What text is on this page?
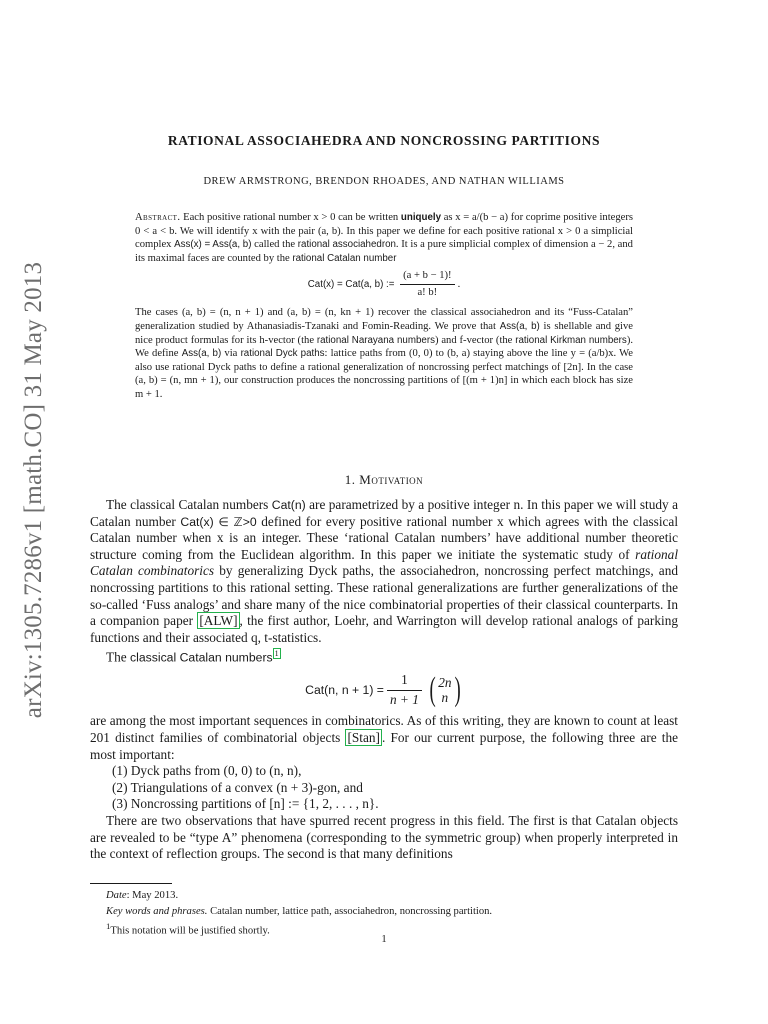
arXiv:1305.7286v1 [math.CO] 31 May 2013
RATIONAL ASSOCIAHEDRA AND NONCROSSING PARTITIONS
DREW ARMSTRONG, BRENDON RHOADES, AND NATHAN WILLIAMS

Abstract. Each positive rational number x > 0 can be written uniquely as x = a/(b − a) for coprime positive integers 0 < a < b. We will identify x with the pair (a, b). In this paper we define for each positive rational x > 0 a simplicial complex Ass(x) = Ass(a, b) called the rational associahedron. It is a pure simplicial complex of dimension a − 2, and its maximal faces are counted by the rational Catalan number

Cat(x) = Cat(a, b) := $\frac{(a + b - 1)!}{a! b!}$ .

The cases (a, b) = (n, n + 1) and (a, b) = (n, kn + 1) recover the classical associahedron and its “Fuss-Catalan” generalization studied by Athanasiadis-Tzanaki and Fomin-Reading. We prove that Ass(a, b) is shellable and give nice product formulas for its h-vector (the rational Narayana numbers) and f-vector (the rational Kirkman numbers). We define Ass(a, b) via rational Dyck paths: lattice paths from (0, 0) to (b, a) staying above the line y = (a/b)x. We also use rational Dyck paths to define a rational generalization of noncrossing perfect matchings of [2n]. In the case (a, b) = (n, mn + 1), our construction produces the noncrossing partitions of [(m + 1)n] in which each block has size m + 1.

1. Motivation

The classical Catalan numbers Cat(n) are parametrized by a positive integer n. In this paper we will study a Catalan number Cat(x) ∈ ℤ>0 defined for every positive rational number x which agrees with the classical Catalan number when x is an integer. These ‘rational Catalan numbers’ have additional number theoretic structure coming from the Euclidean algorithm. In this paper we initiate the systematic study of rational Catalan combinatorics by generalizing Dyck paths, the associahedron, noncrossing perfect matchings, and noncrossing partitions to this rational setting. These rational generalizations are further generalizations of the so-called ‘Fuss analogs’ and share many of the nice combinatorial properties of their classical counterparts. In a companion paper [ALW] , the first author, Loehr, and Warrington will develop rational analogs of parking functions and their associated q, t-statistics.

The classical Catalan numbers $^1$

Cat(n, $n + 1) = \frac{1}{n + 1}$ ( 2n
n )

are among the most important sequences in combinatorics. As of this writing, they are known to count at least 201 distinct families of combinatorial objects [Stan] . For our current purpose, the following three are the most important:

(1) Dyck paths from (0, 0) to (n, n),
(2) Triangulations of a convex (n + 3)-gon, and
(3) Noncrossing partitions of [n] := {1, 2, . . . , n}.

There are two observations that have spurred recent progress in this field. The first is that Catalan objects are revealed to be “type A” phenomena (corresponding to the symmetric group) when properly interpreted in the context of reflection groups. The second is that many definitions

Date: May 2013.
Key words and phrases. Catalan number, lattice path, associahedron, noncrossing partition.
$^1$This notation will be justified shortly.
1
